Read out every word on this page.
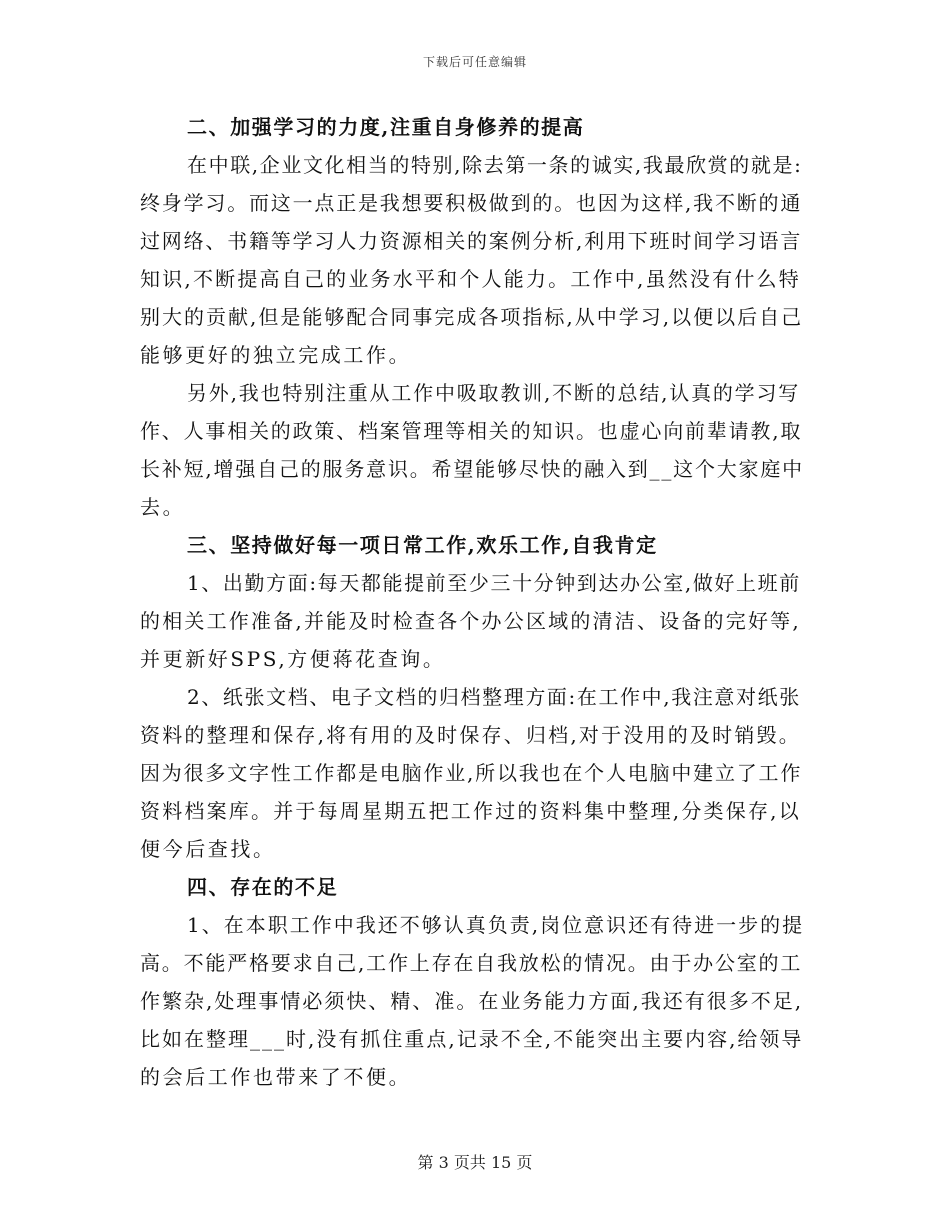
下载后可任意编辑
二、加强学习的力度,注重自身修养的提高
在中联,企业文化相当的特别,除去第一条的诚实,我最欣赏的就是:
终身学习。而这一点正是我想要积极做到的。也因为这样,我不断的通
过网络、书籍等学习人力资源相关的案例分析,利用下班时间学习语言
知识,不断提高自己的业务水平和个人能力。工作中,虽然没有什么特
别大的贡献,但是能够配合同事完成各项指标,从中学习,以便以后自己
能够更好的独立完成工作。
另外,我也特别注重从工作中吸取教训,不断的总结,认真的学习写
作、人事相关的政策、档案管理等相关的知识。也虚心向前辈请教,取
长补短,增强自己的服务意识。希望能够尽快的融入到__这个大家庭中
去。
三、坚持做好每一项日常工作,欢乐工作,自我肯定
1、出勤方面:每天都能提前至少三十分钟到达办公室,做好上班前
的相关工作准备,并能及时检查各个办公区域的清洁、设备的完好等,
并更新好SPS,方便蒋花查询。
2、纸张文档、电子文档的归档整理方面:在工作中,我注意对纸张
资料的整理和保存,将有用的及时保存、归档,对于没用的及时销毁。
因为很多文字性工作都是电脑作业,所以我也在个人电脑中建立了工作
资料档案库。并于每周星期五把工作过的资料集中整理,分类保存,以
便今后查找。
四、存在的不足
1、在本职工作中我还不够认真负责,岗位意识还有待进一步的提
高。不能严格要求自己,工作上存在自我放松的情况。由于办公室的工
作繁杂,处理事情必须快、精、准。在业务能力方面,我还有很多不足,
比如在整理___时,没有抓住重点,记录不全,不能突出主要内容,给领导
的会后工作也带来了不便。
第 3 页共 15 页
